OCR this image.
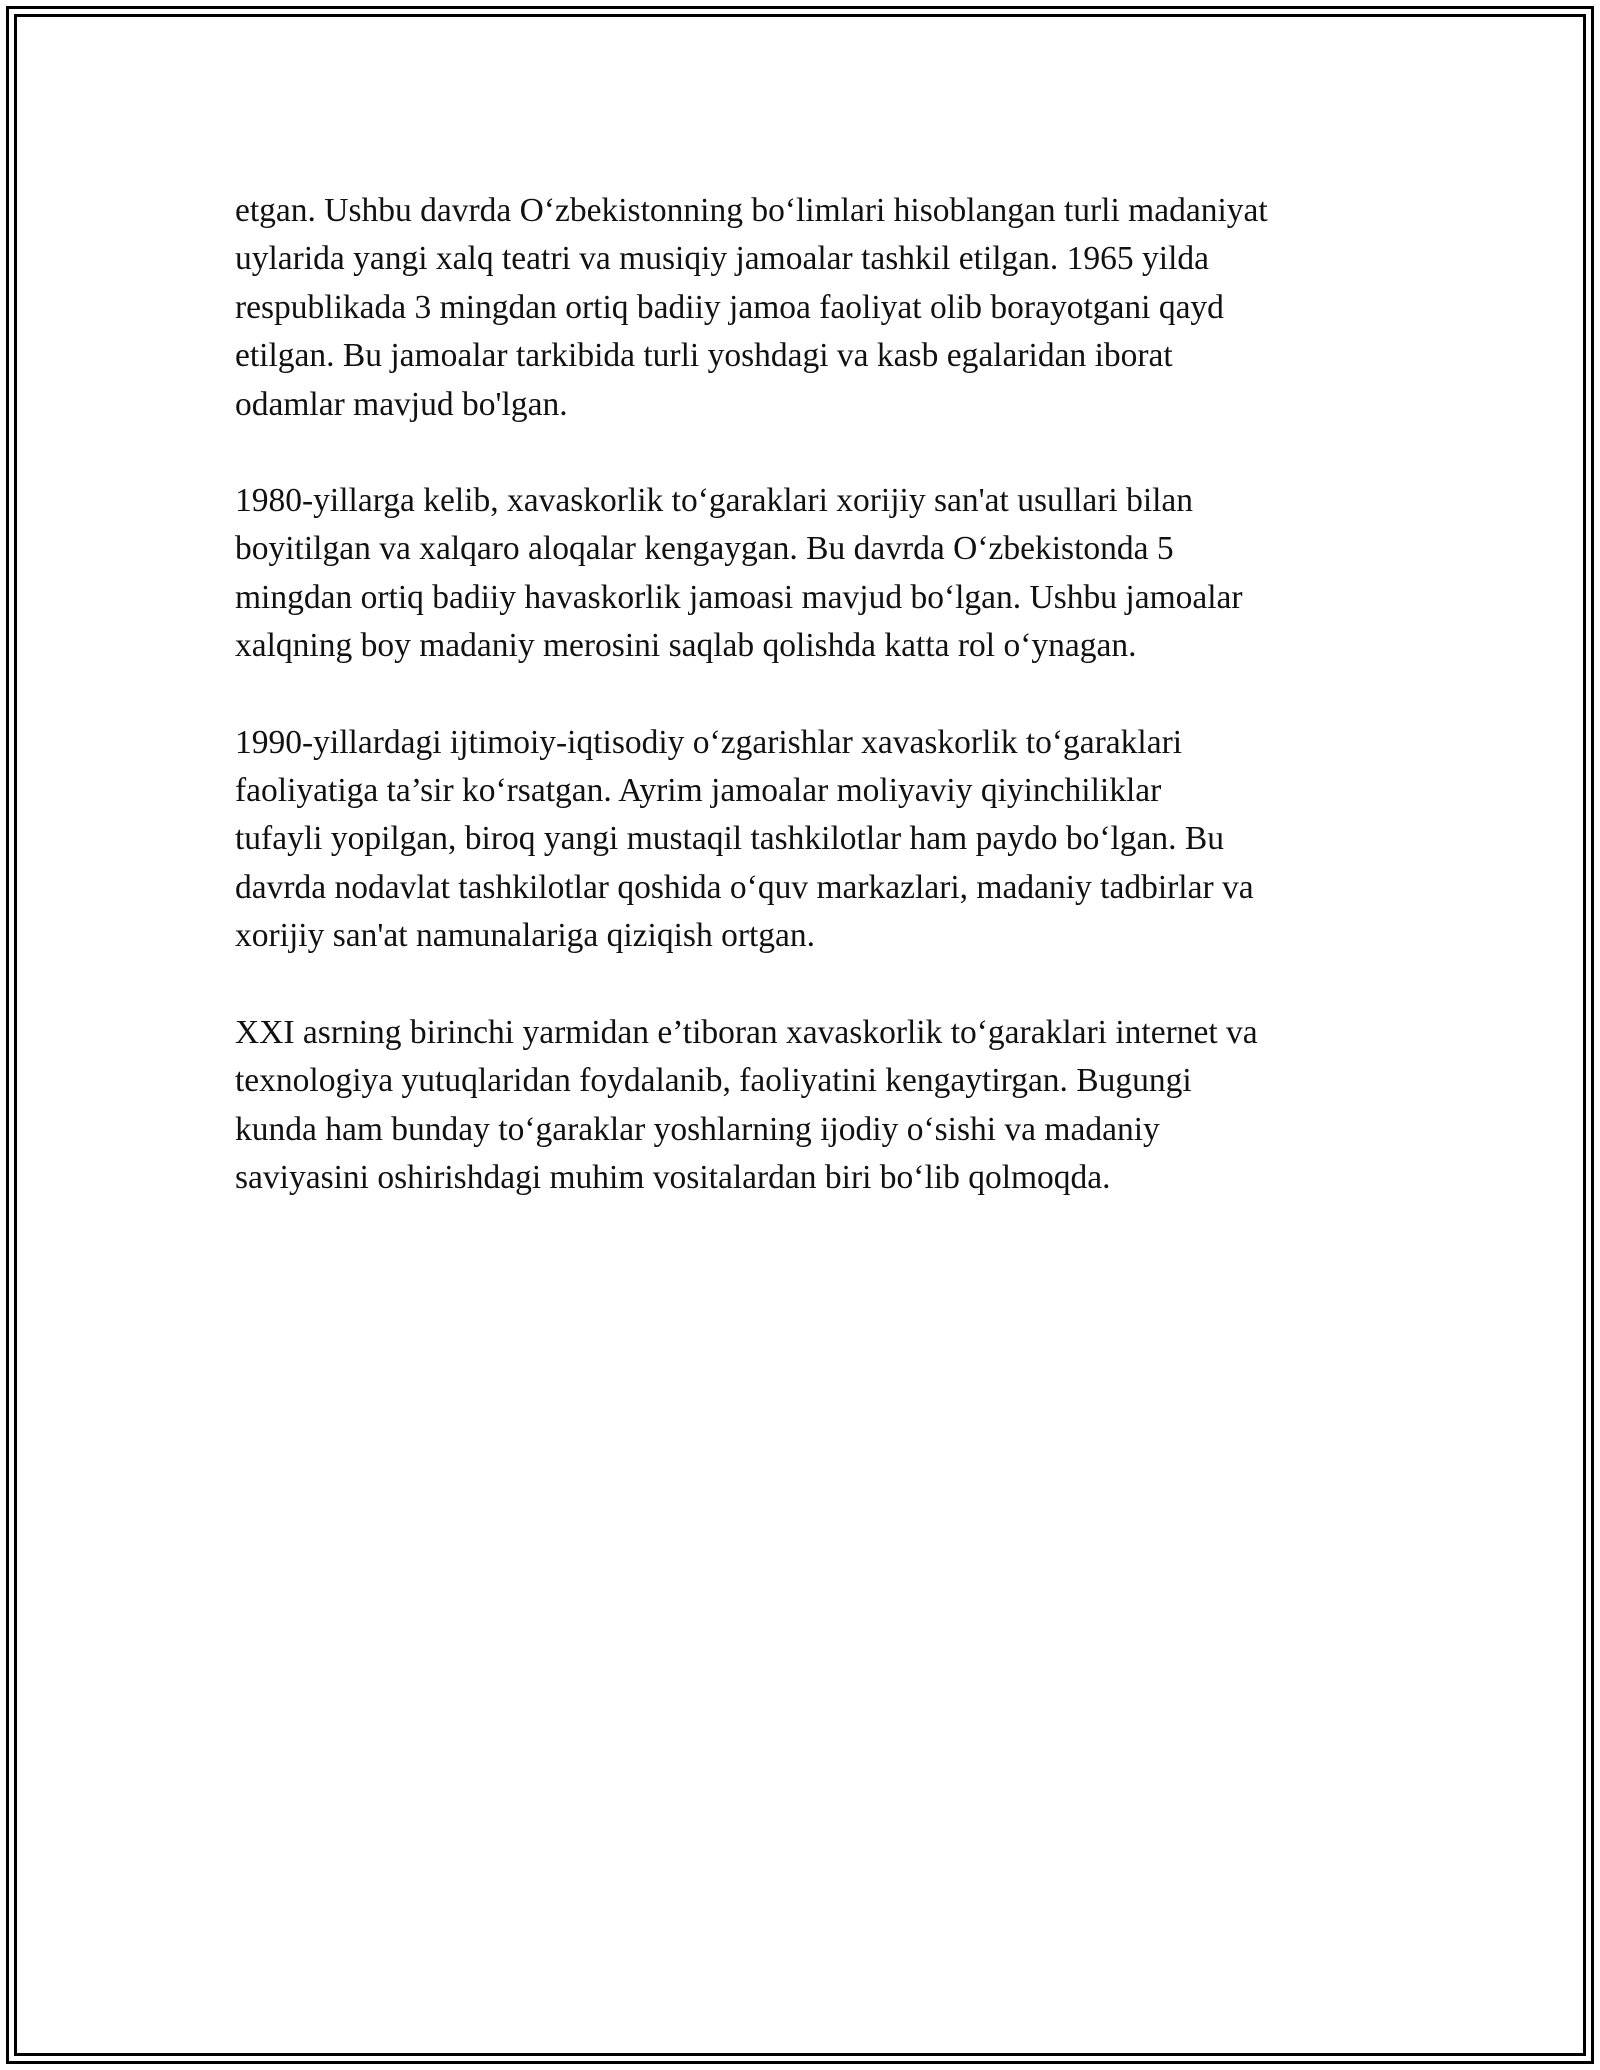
etgan. Ushbu davrda O‘zbekistonning bo‘limlari hisoblangan turli madaniyat
uylarida yangi xalq teatri va musiqiy jamoalar tashkil etilgan. 1965 yilda
respublikada 3 mingdan ortiq badiiy jamoa faoliyat olib borayotgani qayd
etilgan. Bu jamoalar tarkibida turli yoshdagi va kasb egalaridan iborat
odamlar mavjud bo'lgan.

1980-yillarga kelib, xavaskorlik to‘garaklari xorijiy san'at usullari bilan
boyitilgan va xalqaro aloqalar kengaygan. Bu davrda O‘zbekistonda 5
mingdan ortiq badiiy havaskorlik jamoasi mavjud bo‘lgan. Ushbu jamoalar
xalqning boy madaniy merosini saqlab qolishda katta rol o‘ynagan.

1990-yillardagi ijtimoiy-iqtisodiy o‘zgarishlar xavaskorlik to‘garaklari
faoliyatiga ta’sir ko‘rsatgan. Ayrim jamoalar moliyaviy qiyinchiliklar
tufayli yopilgan, biroq yangi mustaqil tashkilotlar ham paydo bo‘lgan. Bu
davrda nodavlat tashkilotlar qoshida o‘quv markazlari, madaniy tadbirlar va
xorijiy san'at namunalariga qiziqish ortgan.

XXI asrning birinchi yarmidan e’tiboran xavaskorlik to‘garaklari internet va
texnologiya yutuqlaridan foydalanib, faoliyatini kengaytirgan. Bugungi
kunda ham bunday to‘garaklar yoshlarning ijodiy o‘sishi va madaniy
saviyasini oshirishdagi muhim vositalardan biri bo‘lib qolmoqda.
